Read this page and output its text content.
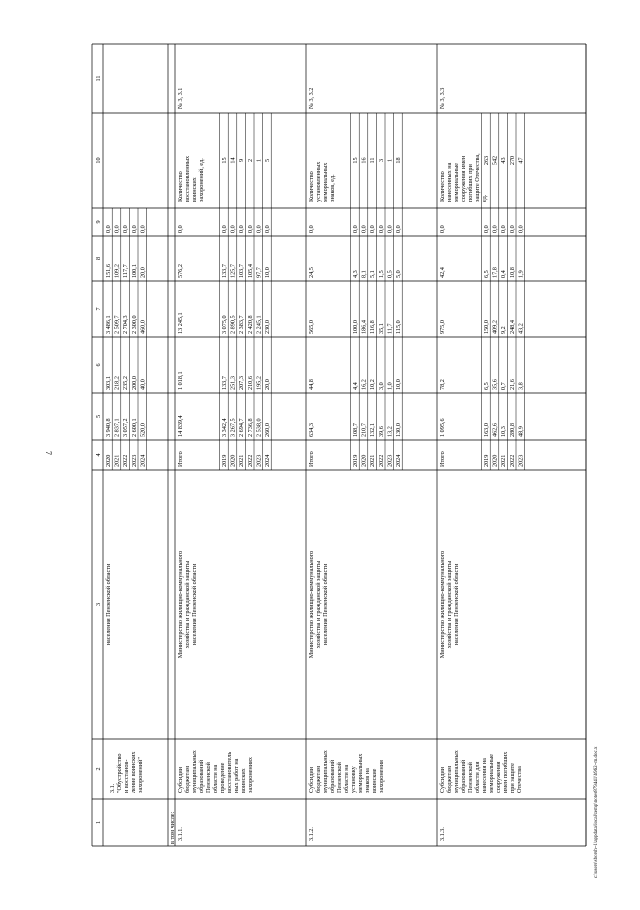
7
c:\users\sborsh~1\appdata\local\temp\notes879441\b962~m.doc.x
1
2
3
4
5
6
7
8
9
10
11
3.1. "Обустройство и восстанов- ление воинских захоронений"
населения Пензенской области
2020
3 940,8
303,1
3 486,1
151,6
0,0
2021
2 837,1
218,2
2 509,7
109,2
0,0
2022
3 057,2
235,2
2 704,3
117,7
0,0
2023
2 600,1
200,0
2 300,0
100,1
0,0
2024
520,0
40,0
460,0
20,0
0,0
в том числе: 3.1.1.
Субсидии бюджетам муниципальных образований Пензенской области на проведение восстановитель ных работ на воинских захоронениях
Министерство жилищно-коммунального хозяйства и гражданской защиты населения Пензенской области
Итого
14 839,4
1 018,1
13 245,1
576,2
0,0
2019
3 342,4
133,7
3 075,0
133,7
0,0
2020
3 267,5
251,3
2 890,5
125,7
0,0
2021
2 694,7
207,3
2 383,7
103,7
0,0
2022
2 736,8
210,6
2 420,8
105,4
0,0
2023
2 538,0
195,2
2 245,1
97,7
0,0
2024
260,0
20,0
230,0
10,0
0,0
Количество восстановленных воинских захоронений, ед.	15 14 9 2 1 5
№ 3, 3.1
3.1.2.
Субсидии бюджетам муниципальных образований Пензенской области на установку мемориальных знаков на воинские захоронения
Министерство жилищно-коммунального хозяйства и гражданской защиты населения Пензенской области
Итого
634,3
44,8
565,0
24,5
0,0
2019
108,7
4,4
100,0
4,3
0,0
2020
210,7
16,2
186,4
8,1
0,0
2021
132,1
10,2
116,8
5,1
0,0
2022
39,6
3,0
35,1
1,5
0,0
2023
13,2
1,0
11,7
0,5
0,0
2024
130,0
10,0
115,0
5,0
0,0
Количество установленных мемориальных знаков, ед.
15 16 11 3 1 18
№ 3, 3.2
3.1.3.
Субсидии бюджетам муниципальных образований Пензенской области для нанесения на мемориальные сооружения имен погибших при защите Отечества
Министерство жилищно-коммунального хозяйства и гражданской защиты населения Пензенской области
Итого
1 095,6
78,2
975,0
42,4
0,0
2019
163,0
6,5
150,0
6,5
0,0
2020
462,6
35,6
409,2
17,8
0,0
2021
10,3
0,7
9,2
0,4
0,0
2022
280,8
21,6
248,4
10,8
0,0
2023
48,9
3,8
43,2
1,9
0,0
Количество нанесенных на мемориальные сооружения имен погибших при защите Отечества, ед.
263 542 43 270 47
№ 3, 3.3
